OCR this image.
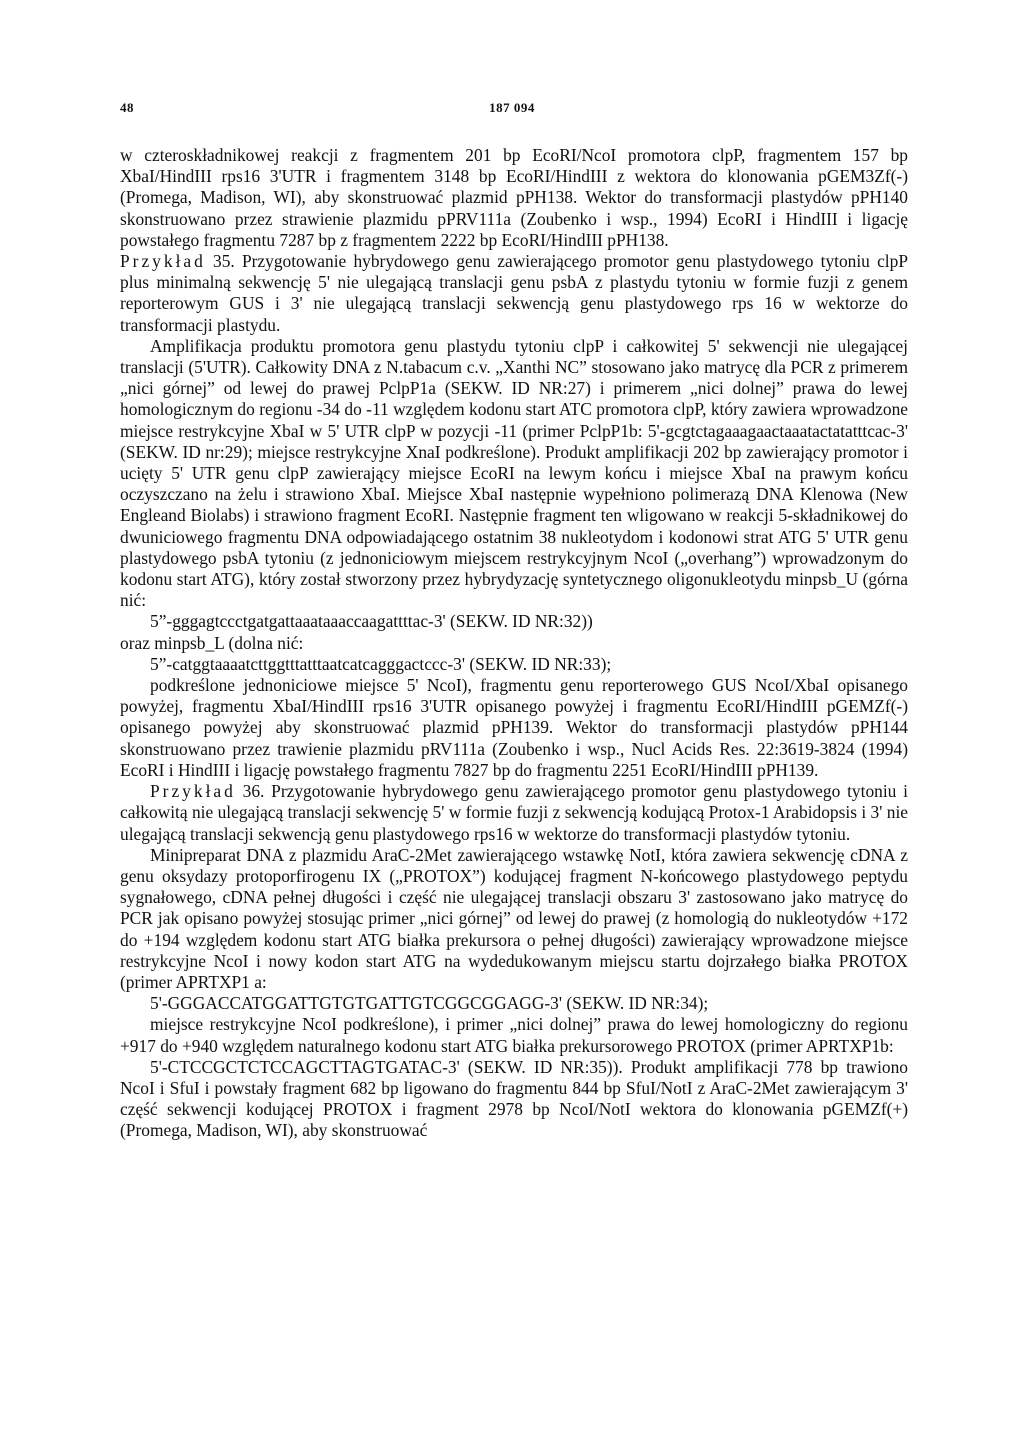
48	187 094

w czteroskładnikowej reakcji z fragmentem 201 bp EcoRI/NcoI promotora clpP, fragmentem 157 bp XbaI/HindIII rps16 3'UTR i fragmentem 3148 bp EcoRI/HindIII z wektora do klonowania pGEM3Zf(-) (Promega, Madison, WI), aby skonstruować plazmid pPH138. Wektor do transformacji plastydów pPH140 skonstruowano przez strawienie plazmidu pPRV111a (Zoubenko i wsp., 1994) EcoRI i HindIII i ligację powstałego fragmentu 7287 bp z fragmentem 2222 bp EcoRI/HindIII pPH138.

Przykład 35. Przygotowanie hybrydowego genu zawierającego promotor genu plastydowego tytoniu clpP plus minimalną sekwencję 5' nie ulegającą translacji genu psbA z plastydu tytoniu w formie fuzji z genem reporterowym GUS i 3' nie ulegającą translacji sekwencją genu plastydowego rps 16 w wektorze do transformacji plastydu.

Amplifikacja produktu promotora genu plastydu tytoniu clpP i całkowitej 5' sekwencji nie ulegającej translacji (5'UTR). Całkowity DNA z N.tabacum c.v. „Xanthi NC” stosowano jako matrycę dla PCR z primerem „nici górnej” od lewej do prawej PclpP1a (SEKW. ID NR:27) i primerem „nici dolnej” prawa do lewej homologicznym do regionu -34 do -11 względem kodonu start ATC promotora clpP, który zawiera wprowadzone miejsce restrykcyjne XbaI w 5' UTR clpP w pozycji -11 (primer PclpP1b: 5'-gcgtctagaaagaactaaatactatatttcac-3' (SEKW. ID nr:29); miejsce restrykcyjne XnaI podkreślone). Produkt amplifikacji 202 bp zawierający promotor i ucięty 5' UTR genu clpP zawierający miejsce EcoRI na lewym końcu i miejsce XbaI na prawym końcu oczyszczano na żelu i strawiono XbaI. Miejsce XbaI następnie wypełniono polimerazą DNA Klenowa (New Engleand Biolabs) i strawiono fragment EcoRI. Następnie fragment ten wligowano w reakcji 5-składnikowej do dwuniciowego fragmentu DNA odpowiadającego ostatnim 38 nukleotydom i kodonowi strat ATG 5' UTR genu plastydowego psbA tytoniu (z jednoniciowym miejscem restrykcyjnym NcoI („overhang”) wprowadzonym do kodonu start ATG), który został stworzony przez hybrydyzację syntetycznego oligonukleotydu minpsb_U (górna nić:

5”-gggagtccctgatgattaaataaaccaagattttac-3' (SEKW. ID NR:32))

oraz minpsb_L (dolna nić:

5”-catggtaaaatcttggtttatttaatcatcagggactccc-3' (SEKW. ID NR:33);

podkreślone jednoniciowe miejsce 5' NcoI), fragmentu genu reporterowego GUS NcoI/XbaI opisanego powyżej, fragmentu XbaI/HindIII rps16 3'UTR opisanego powyżej i fragmentu EcoRI/HindIII pGEMZf(-) opisanego powyżej aby skonstruować plazmid pPH139. Wektor do transformacji plastydów pPH144 skonstruowano przez trawienie plazmidu pRV111a (Zoubenko i wsp., Nucl Acids Res. 22:3619-3824 (1994) EcoRI i HindIII i ligację powstałego fragmentu 7827 bp do fragmentu 2251 EcoRI/HindIII pPH139.

Przykład 36. Przygotowanie hybrydowego genu zawierającego promotor genu plastydowego tytoniu i całkowitą nie ulegającą translacji sekwencję 5' w formie fuzji z sekwencją kodującą Protox-1 Arabidopsis i 3' nie ulegającą translacji sekwencją genu plastydowego rps16 w wektorze do transformacji plastydów tytoniu.

Minipreparat DNA z plazmidu AraC-2Met zawierającego wstawkę NotI, która zawiera sekwencję cDNA z genu oksydazy protoporfirogenu IX („PROTOX”) kodującej fragment N-końcowego plastydowego peptydu sygnałowego, cDNA pełnej długości i część nie ulegającej translacji obszaru 3' zastosowano jako matrycę do PCR jak opisano powyżej stosując primer „nici górnej” od lewej do prawej (z homologią do nukleotydów +172 do +194 względem kodonu start ATG białka prekursora o pełnej długości) zawierający wprowadzone miejsce restrykcyjne NcoI i nowy kodon start ATG na wydedukowanym miejscu startu dojrzałego białka PROTOX (primer APRTXP1 a:

5'-GGGACCATGGATTGTGTGATTGTCGGCGGAGG-3' (SEKW. ID NR:34);

miejsce restrykcyjne NcoI podkreślone), i primer „nici dolnej” prawa do lewej homologiczny do regionu +917 do +940 względem naturalnego kodonu start ATG białka prekursorowego PROTOX (primer APRTXP1b:

5'-CTCCGCTCTCCAGCTTAGTGATAC-3' (SEKW. ID NR:35)). Produkt amplifikacji 778 bp trawiono NcoI i SfuI i powstały fragment 682 bp ligowano do fragmentu 844 bp SfuI/NotI z AraC-2Met zawierającym 3' część sekwencji kodującej PROTOX i fragment 2978 bp NcoI/NotI wektora do klonowania pGEMZf(+) (Promega, Madison, WI), aby skonstruować
